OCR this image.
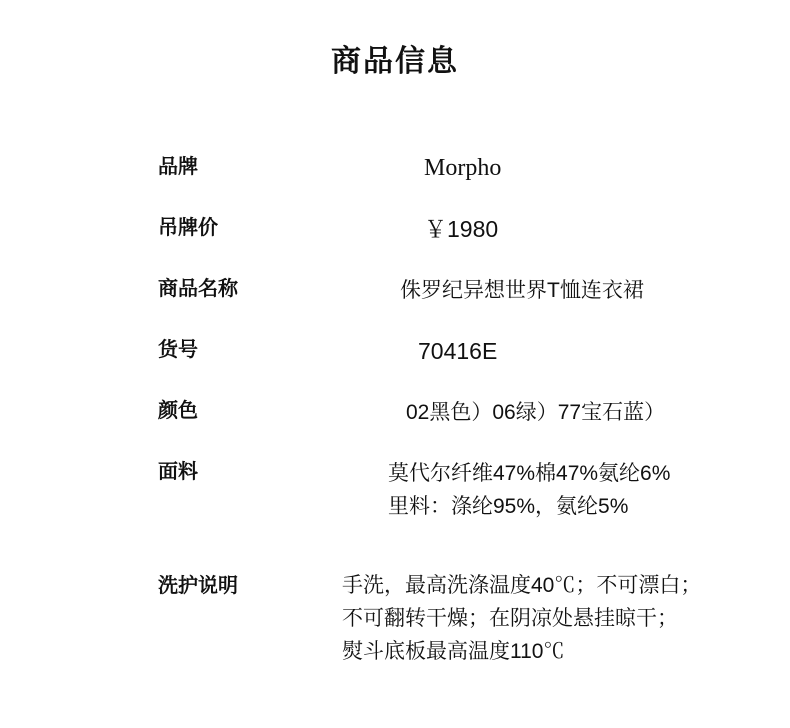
商品信息
品牌	Morpho
吊牌价	￥1980
商品名称	侏罗纪异想世界T恤连衣裙
货号	70416E
颜色	02黑色）06绿）77宝石蓝）
面料	莫代尔纤维47%棉47%氨纶6%
里料：涤纶95%，氨纶5%
洗护说明	手洗，最高洗涤温度40℃；不可漂白；
不可翻转干燥；在阴凉处悬挂晾干；
熨斗底板最高温度110℃
